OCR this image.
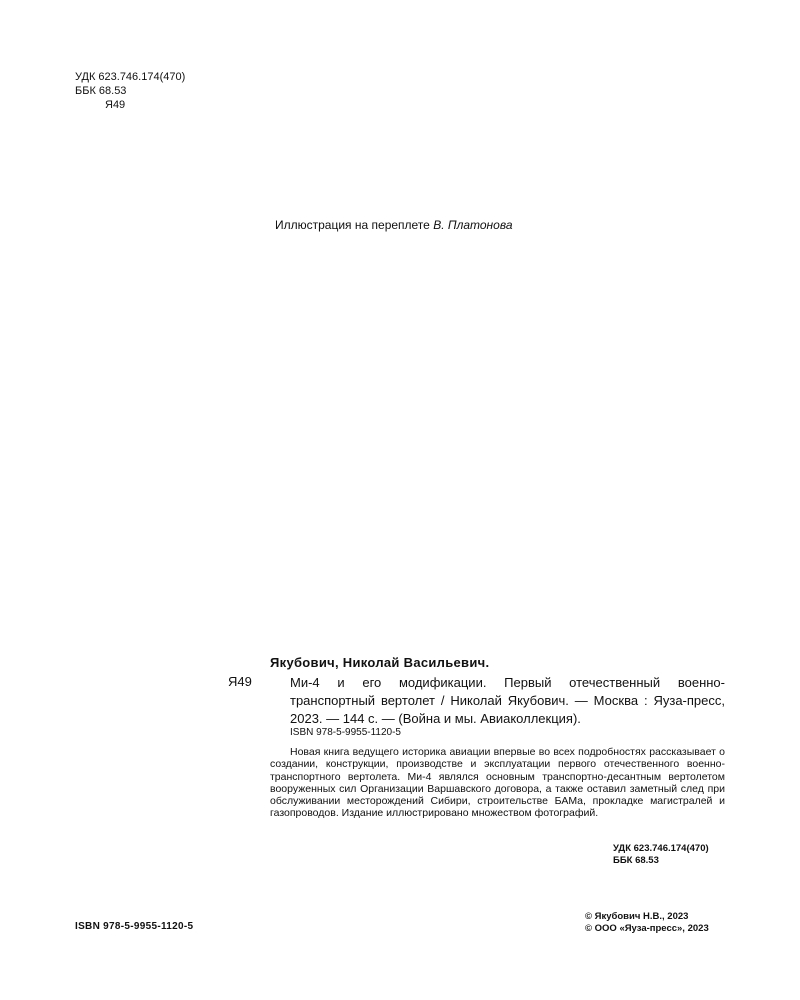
УДК 623.746.174(470)
ББК 68.53
Я49
Иллюстрация на переплете В. Платонова
Якубович, Николай Васильевич.
Я49	Ми-4 и его модификации. Первый отечественный военно-транспортный вертолет / Николай Якубович. — Москва : Яуза-пресс, 2023. — 144 с. — (Война и мы. Авиаколлекция).

ISBN 978-5-9955-1120-5

Новая книга ведущего историка авиации впервые во всех подробностях рассказывает о создании, конструкции, производстве и эксплуатации первого отечественного военно-транспортного вертолета. Ми-4 являлся основным транспортно-десантным вертолетом вооруженных сил Организации Варшавского договора, а также оставил заметный след при обслуживании месторождений Сибири, строительстве БАМа, прокладке магистралей и газопроводов. Издание иллюстрировано множеством фотографий.

УДК 623.746.174(470)
ББК 68.53
ISBN 978-5-9955-1120-5
© Якубович Н.В., 2023
© ООО «Яуза-пресс», 2023
